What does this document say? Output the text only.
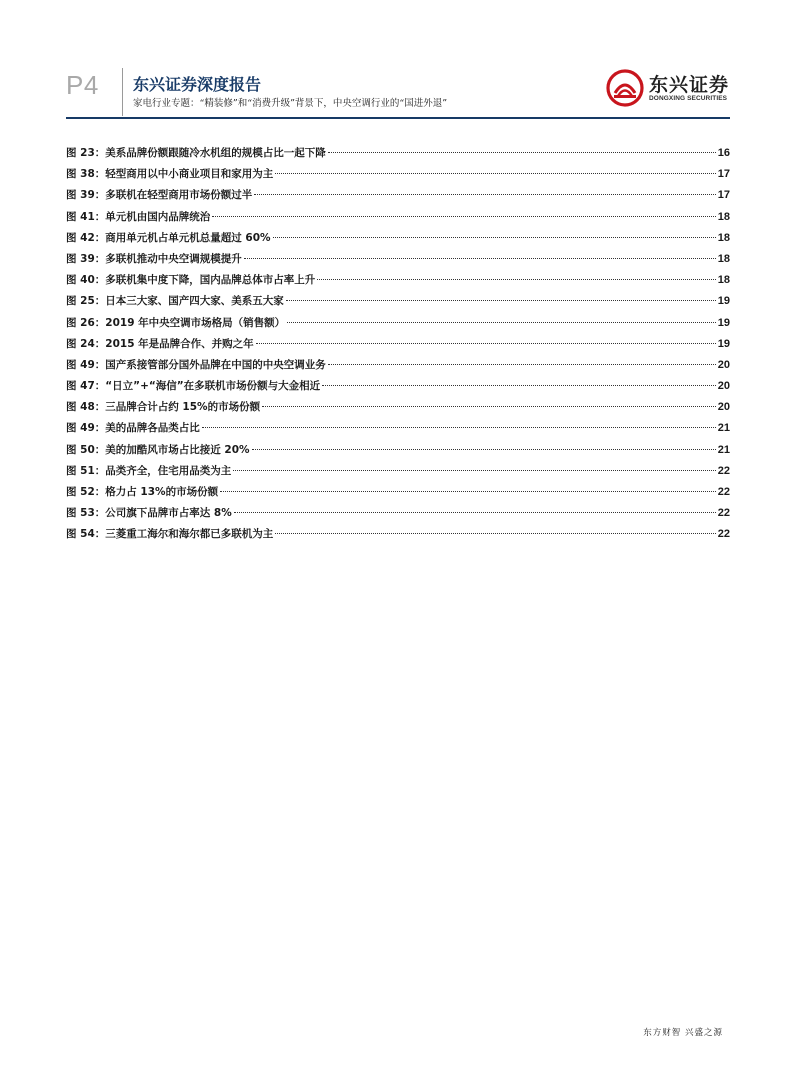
P4 东兴证券深度报告
家电行业专题：“精装修”和“消费升级”背景下，中央空调行业的“国进外退”
东兴证券
DONGXING SECURITIES
图 23： 美系品牌份额跟随冷水机组的规模占比一起下降	16
图 38： 轻型商用以中小商业项目和家用为主	17
图 39： 多联机在轻型商用市场份额过半	17
图 41： 单元机由国内品牌统治	18
图 42： 商用单元机占单元机总量超过 60%	18
图 39： 多联机推动中央空调规模提升	18
图 40： 多联机集中度下降，国内品牌总体市占率上升	18
图 25： 日本三大家、国产四大家、美系五大家	19
图 26： 2019 年中央空调市场格局（销售额）	19
图 24： 2015 年是品牌合作、并购之年	19
图 49： 国产系接管部分国外品牌在中国的中央空调业务	20
图 47： “日立”+“海信”在多联机市场份额与大金相近	20
图 48： 三品牌合计占约 15%的市场份额	20
图 49： 美的品牌各品类占比	21
图 50： 美的加酷风市场占比接近 20%	21
图 51： 品类齐全，住宅用品类为主	22
图 52： 格力占 13%的市场份额	22
图 53： 公司旗下品牌市占率达 8%	22
图 54： 三菱重工海尔和海尔都已多联机为主	22
东方财智 兴盛之源
